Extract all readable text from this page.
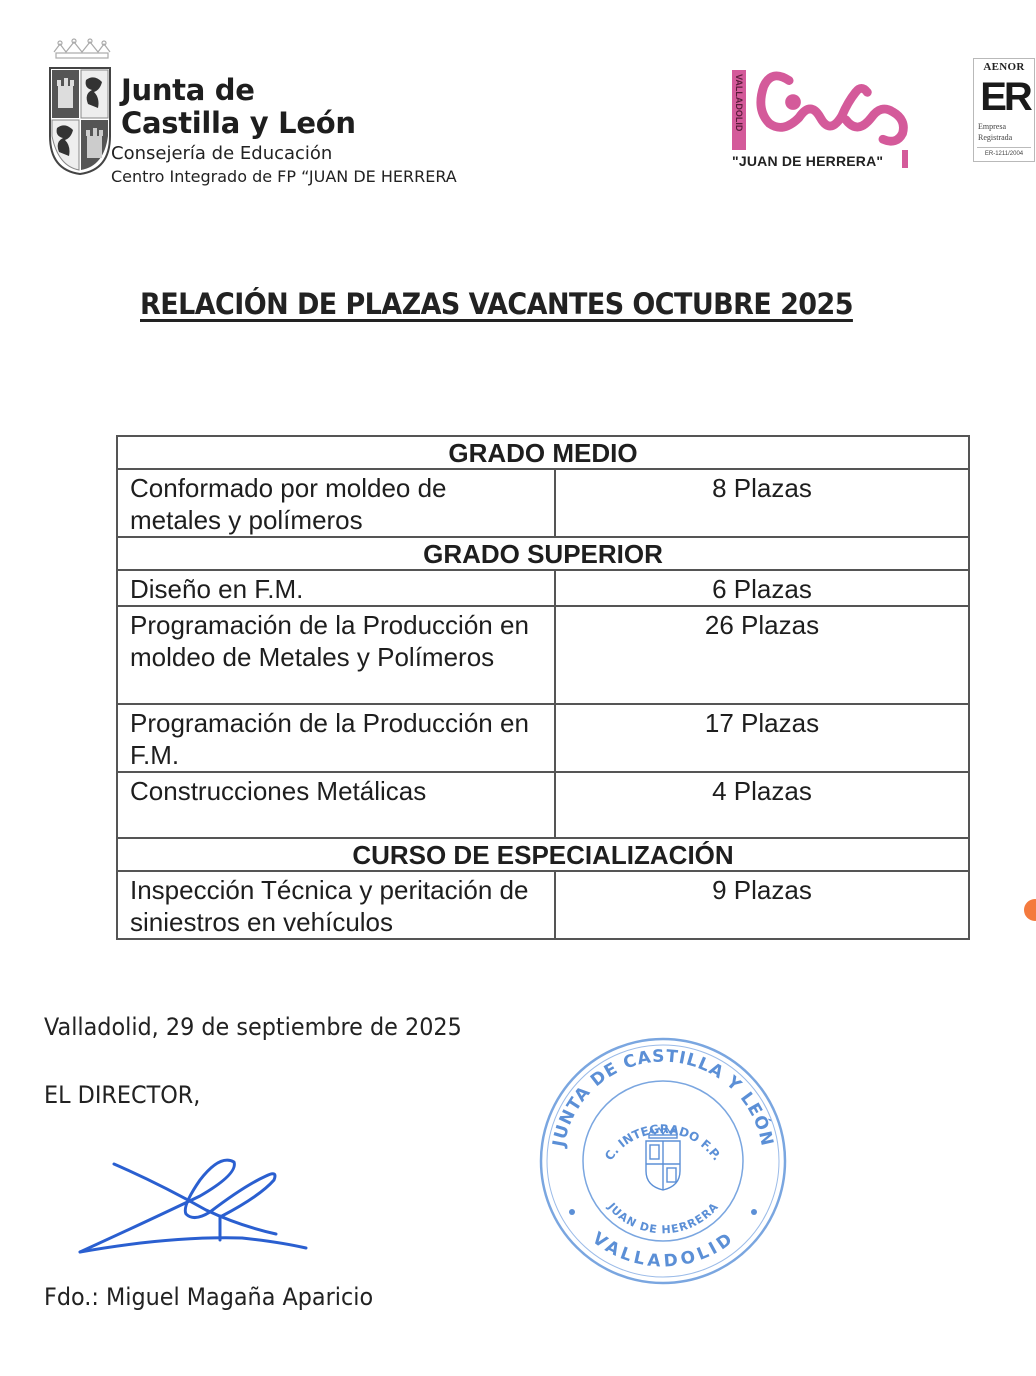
Junta de
Castilla y León
Consejería de Educación
Centro Integrado de FP “JUAN DE HERRERA
VALLADOLID
"JUAN DE HERRERA"
AENOR
ER
Empresa
Registrada
ER-1211/2004
RELACIÓN DE PLAZAS VACANTES OCTUBRE 2025
GRADO MEDIO	
Conformado por moldeo de metales y polímeros	8 Plazas
GRADO SUPERIOR	
Diseño en F.M.	6 Plazas
Programación de la Producción en moldeo de Metales y Polímeros	26 Plazas
Programación de la Producción en F.M.	17 Plazas
Construcciones Metálicas	4 Plazas
CURSO DE ESPECIALIZACIÓN	
Inspección Técnica y peritación de siniestros en vehículos	9 Plazas
Valladolid, 29 de septiembre de 2025
EL DIRECTOR,
Fdo.: Miguel Magaña Aparicio
JUNTA DE CASTILLA Y LEÓN
VALLADOLID
C. INTEGRADO F.P.
JUAN DE HERRERA
